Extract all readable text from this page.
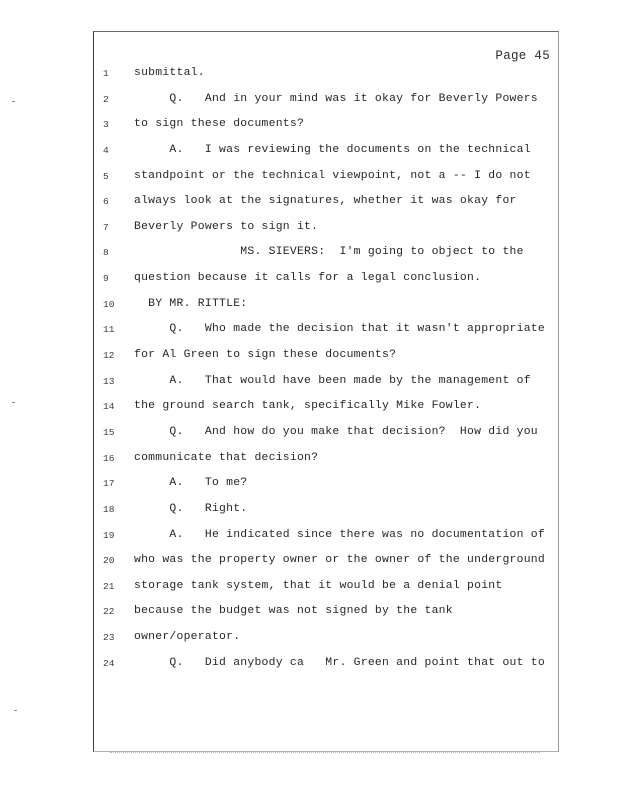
Page 45
1	submittal.
2	Q.   And in your mind was it okay for Beverly Powers
3	to sign these documents?
4	A.   I was reviewing the documents on the technical
5	standpoint or the technical viewpoint, not a -- I do not
6	always look at the signatures, whether it was okay for
7	Beverly Powers to sign it.
8	MS. SIEVERS:  I'm going to object to the
9	question because it calls for a legal conclusion.
10	BY MR. RITTLE:
11	Q.   Who made the decision that it wasn't appropriate
12	for Al Green to sign these documents?
13	A.   That would have been made by the management of
14	the ground search tank, specifically Mike Fowler.
15	Q.   And how do you make that decision?  How did you
16	communicate that decision?
17	A.   To me?
18	Q.   Right.
19	A.   He indicated since there was no documentation of
20	who was the property owner or the owner of the underground
21	storage tank system, that it would be a denial point
22	because the budget was not signed by the tank
23	owner/operator.
24	Q.   Did anybody ca   Mr. Green and point that out to
